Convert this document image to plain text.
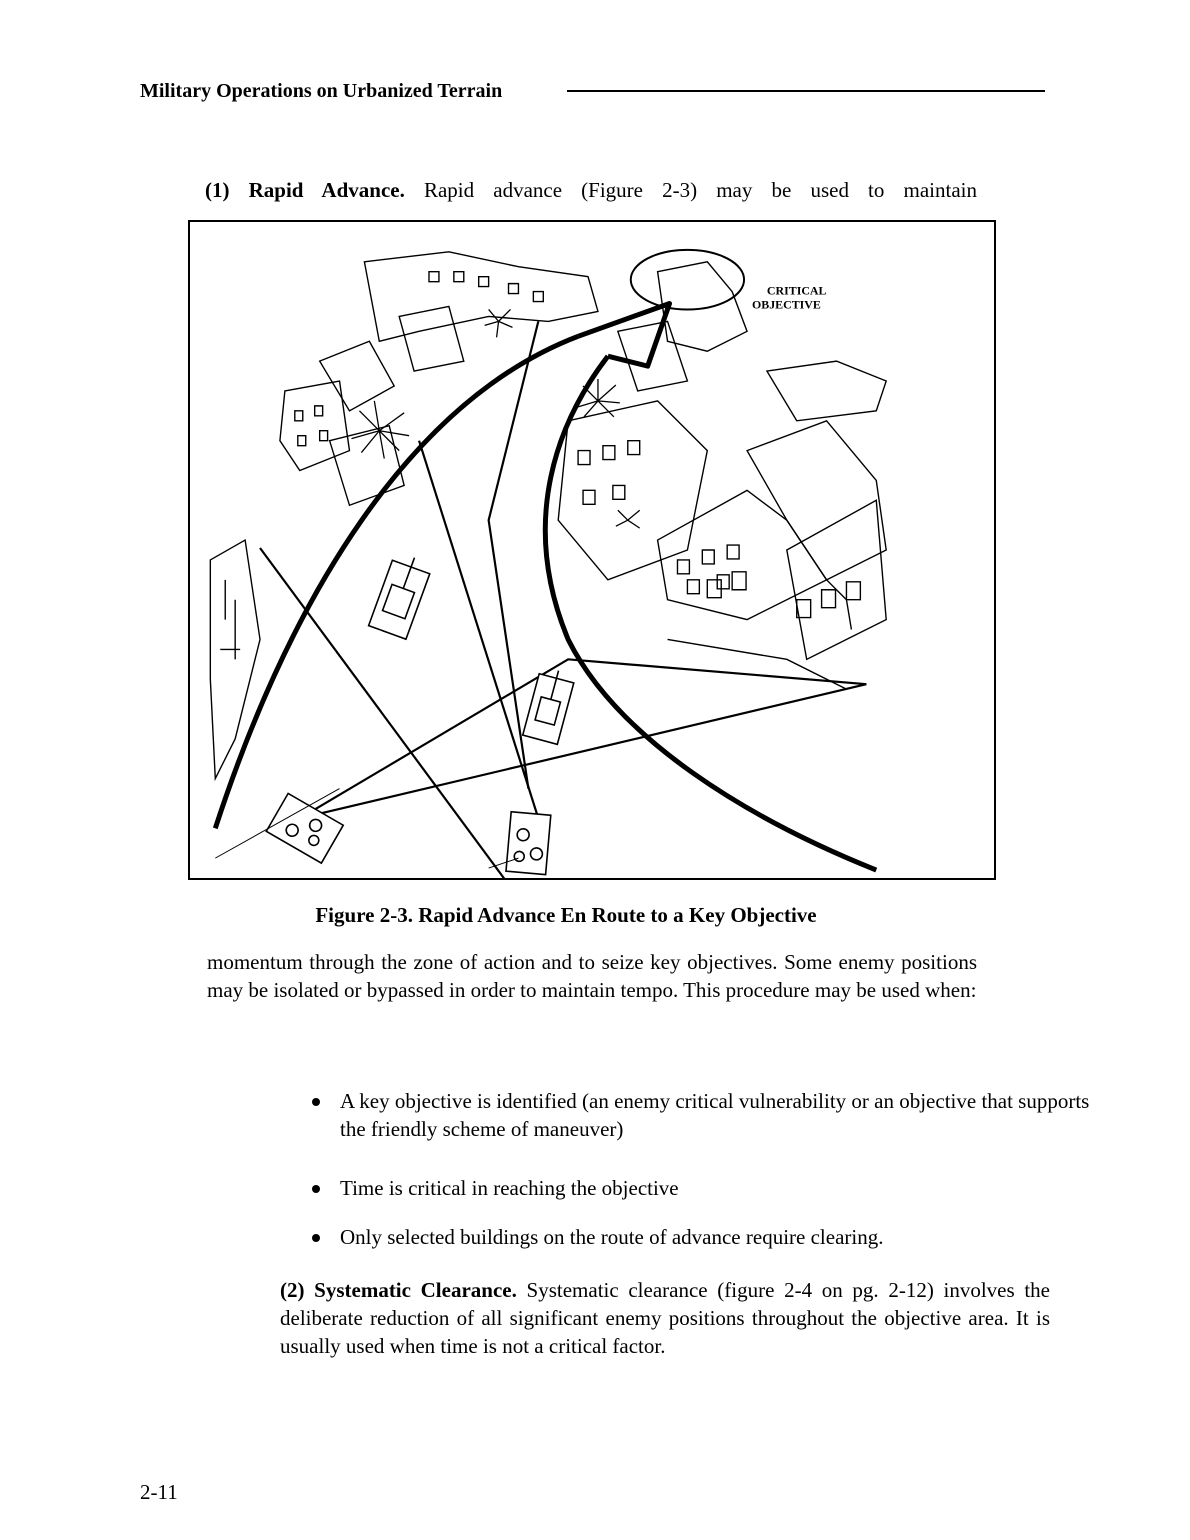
Military Operations on Urbanized Terrain
(1) Rapid Advance. Rapid advance (Figure 2-3) may be used to maintain
CRITICAL
OBJECTIVE
Figure 2-3. Rapid Advance En Route to a Key Objective
momentum through the zone of action and to seize key objectives. Some enemy positions may be isolated or bypassed in order to maintain tempo. This procedure may be used when:
A key objective is identified (an enemy critical vulnerability or an objective that supports the friendly scheme of maneuver)
Time is critical in reaching the objective
Only selected buildings on the route of advance require clearing.
(2) Systematic Clearance. Systematic clearance (figure 2-4 on pg. 2-12) involves the deliberate reduction of all significant enemy positions throughout the objective area. It is usually used when time is not a critical factor.
2-11
